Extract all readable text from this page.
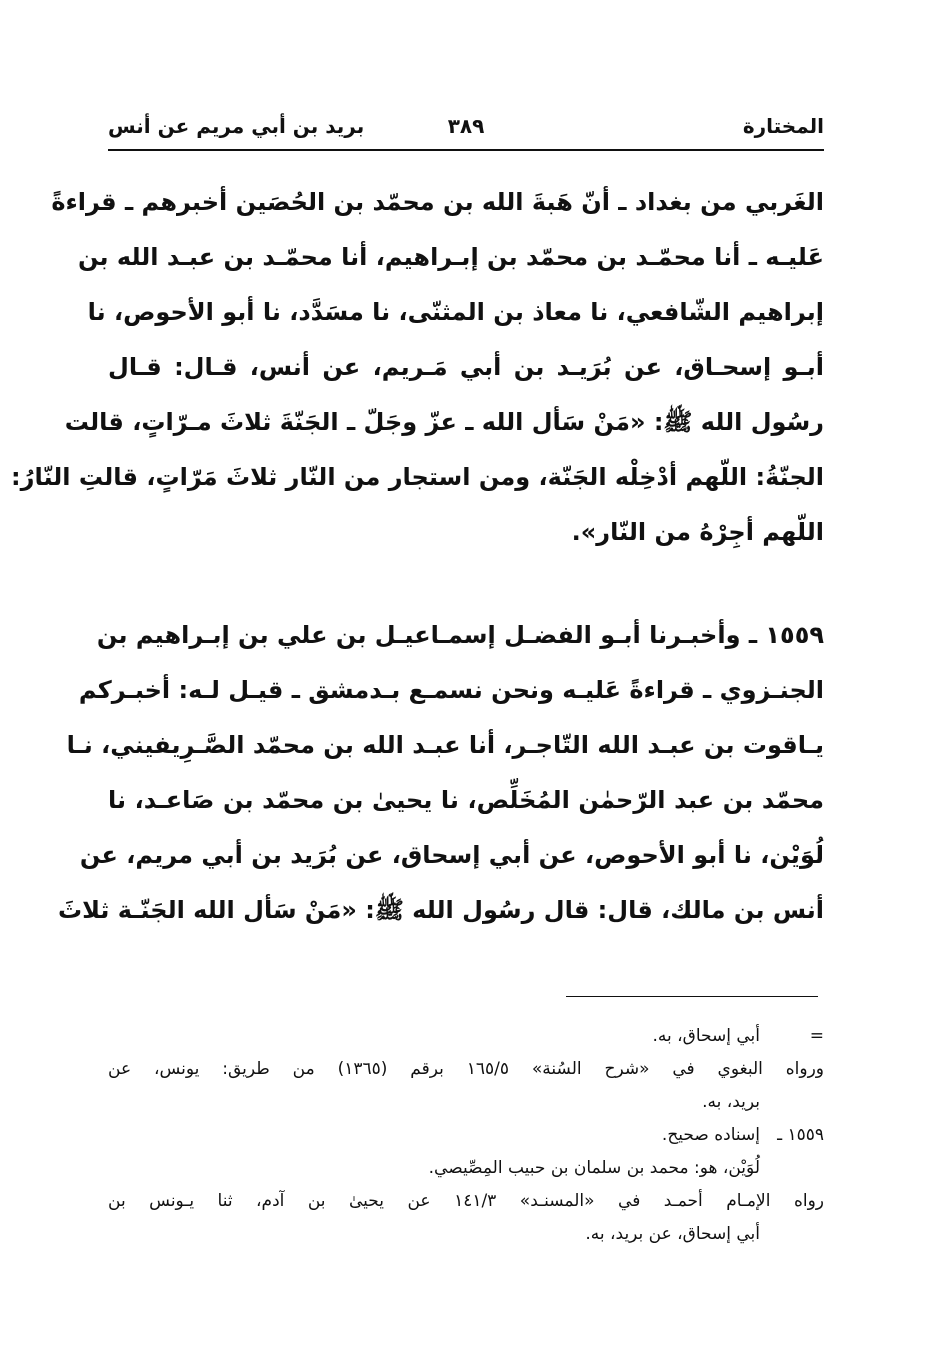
المختارة
٣٨٩
بريد بن أبي مريم عن أنس
الغَربي من بغداد ـ أنّ هَبةَ الله بن محمّد بن الحُصَين أخبرهم ـ قراءةً
عَليـه ـ أنا محمّـد بن محمّد بن إبـراهيم، أنا محمّـد بن عبـد الله بن
إبراهيم الشّافعي، نا معاذ بن المثنّى، نا مسَدَّد، نا أبو الأحوص، نا
أبـو إسحـاق، عن بُرَيـد بن أبي مَـريم، عن أنس، قـال: قـال
رسُول الله ﷺ: «مَنْ سَأل الله ـ عزّ وجَلّ ـ الجَنّةَ ثلاثَ مـرّاتٍ، قالت
الجنّةُ: اللّهم أدْخِلْه الجَنّة، ومن استجار من النّار ثلاثَ مَرّاتٍ، قالتِ النّارُ:
اللّهم أجِرْهُ من النّار».
١٥٥٩ ـ وأخبـرنا أبـو الفضـل إسمـاعيـل بن علي بن إبـراهيم بن
الجنـزوي ـ قراءةً عَليـه ونحن نسمـع بـدمشق ـ قيـل لـه: أخبـركم
يـاقوت بن عبـد الله التّاجـر، أنا عبـد الله بن محمّد الصَّـرِيفيني، نـا
محمّد بن عبد الرّحمٰن المُخَلِّص، نا يحيىٰ بن محمّد بن صَاعـد، نا
لُوَيْن، نا أبو الأحوص، عن أبي إسحاق، عن بُرَيد بن أبي مريم، عن
أنس بن مالك، قال: قال رسُول الله ﷺ: «مَنْ سَأل الله الجَنّـة ثلاثَ
=أبي إسحاق، به.
ورواه البغوي في «شرح السُنة» ١٦٥/٥ برقم (١٣٦٥) من طريق: يونس، عن
بريد، به.
١٥٥٩ ـإسناده صحيح.
لُوَيْن، هو: محمد بن سلمان بن حبيب المِصِّيصي.
رواه الإمـام أحمـد في «المسنـد» ١٤١/٣ عن يحيىٰ بن آدم، ثنا يـونس بن
أبي إسحاق، عن بريد، به.
